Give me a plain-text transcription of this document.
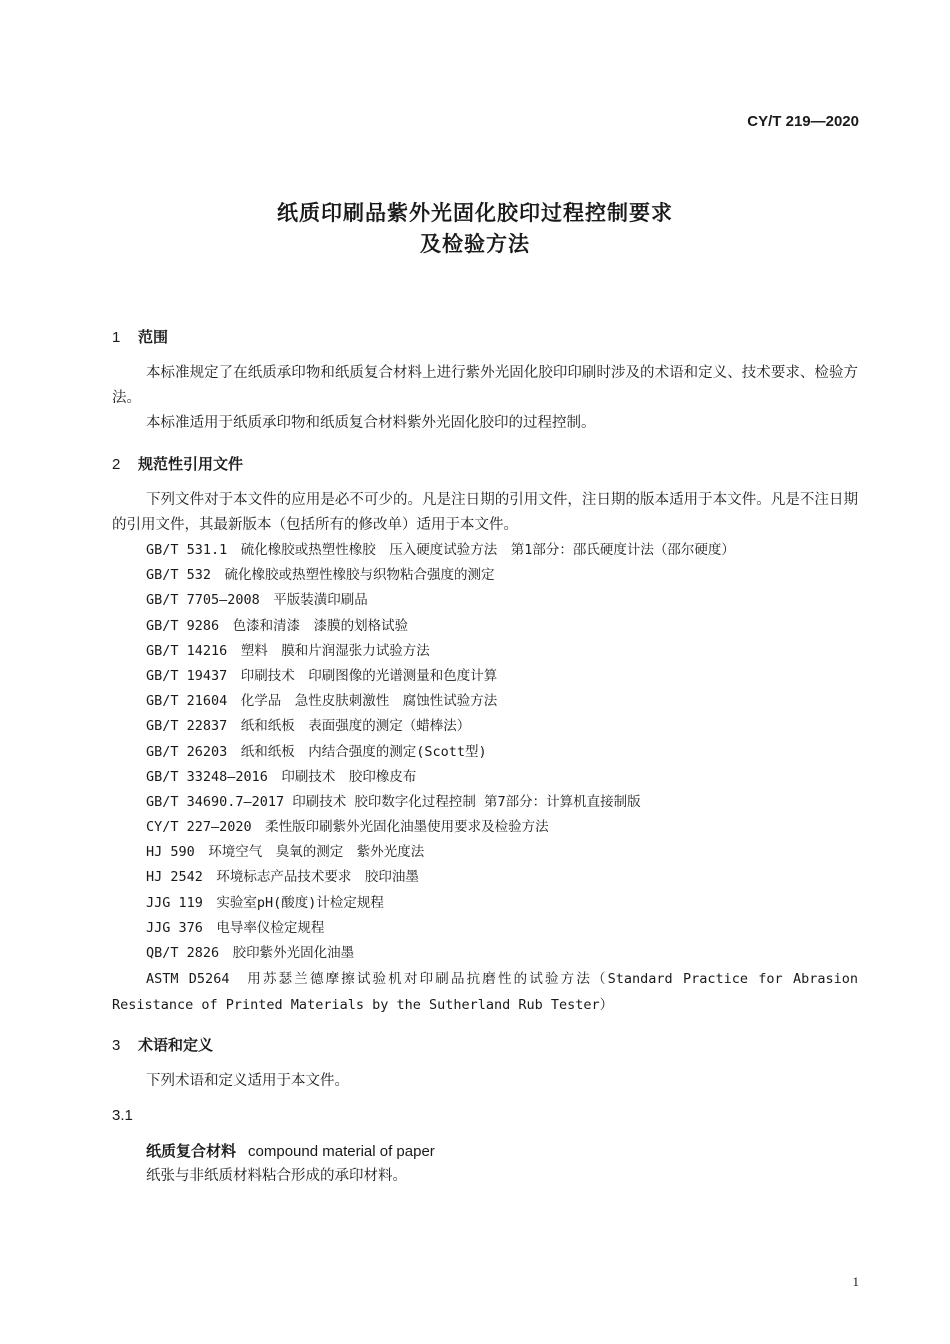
CY/T 219—2020
纸质印刷品紫外光固化胶印过程控制要求
及检验方法
1 范围

本标准规定了在纸质承印物和纸质复合材料上进行紫外光固化胶印印刷时涉及的术语和定义、技术要求、检验方法。

本标准适用于纸质承印物和纸质复合材料紫外光固化胶印的过程控制。

2 规范性引用文件

下列文件对于本文件的应用是必不可少的。凡是注日期的引用文件，注日期的版本适用于本文件。凡是不注日期的引用文件，其最新版本（包括所有的修改单）适用于本文件。

GB/T 531.1　硫化橡胶或热塑性橡胶　压入硬度试验方法　第1部分：邵氏硬度计法（邵尔硬度）
GB/T 532　硫化橡胶或热塑性橡胶与织物粘合强度的测定
GB/T 7705—2008　平版装潢印刷品
GB/T 9286　色漆和清漆　漆膜的划格试验
GB/T 14216　塑料　膜和片润湿张力试验方法
GB/T 19437　印刷技术　印刷图像的光谱测量和色度计算
GB/T 21604　化学品　急性皮肤刺激性　腐蚀性试验方法
GB/T 22837　纸和纸板　表面强度的测定（蜡棒法）
GB/T 26203　纸和纸板　内结合强度的测定(Scott型)
GB/T 33248—2016　印刷技术　胶印橡皮布
GB/T 34690.7—2017 印刷技术 胶印数字化过程控制 第7部分：计算机直接制版
CY/T 227—2020　柔性版印刷紫外光固化油墨使用要求及检验方法
HJ 590　环境空气　臭氧的测定　紫外光度法
HJ 2542　环境标志产品技术要求　胶印油墨
JJG 119　实验室pH(酸度)计检定规程
JJG 376　电导率仪检定规程
QB/T 2826　胶印紫外光固化油墨

ASTM D5264　用苏瑟兰德摩擦试验机对印刷品抗磨性的试验方法（Standard Practice for Abrasion Resistance of Printed Materials by the Sutherland Rub Tester）

3 术语和定义

下列术语和定义适用于本文件。

3.1
纸质复合材料 compound material of paper

纸张与非纸质材料粘合形成的承印材料。

1
